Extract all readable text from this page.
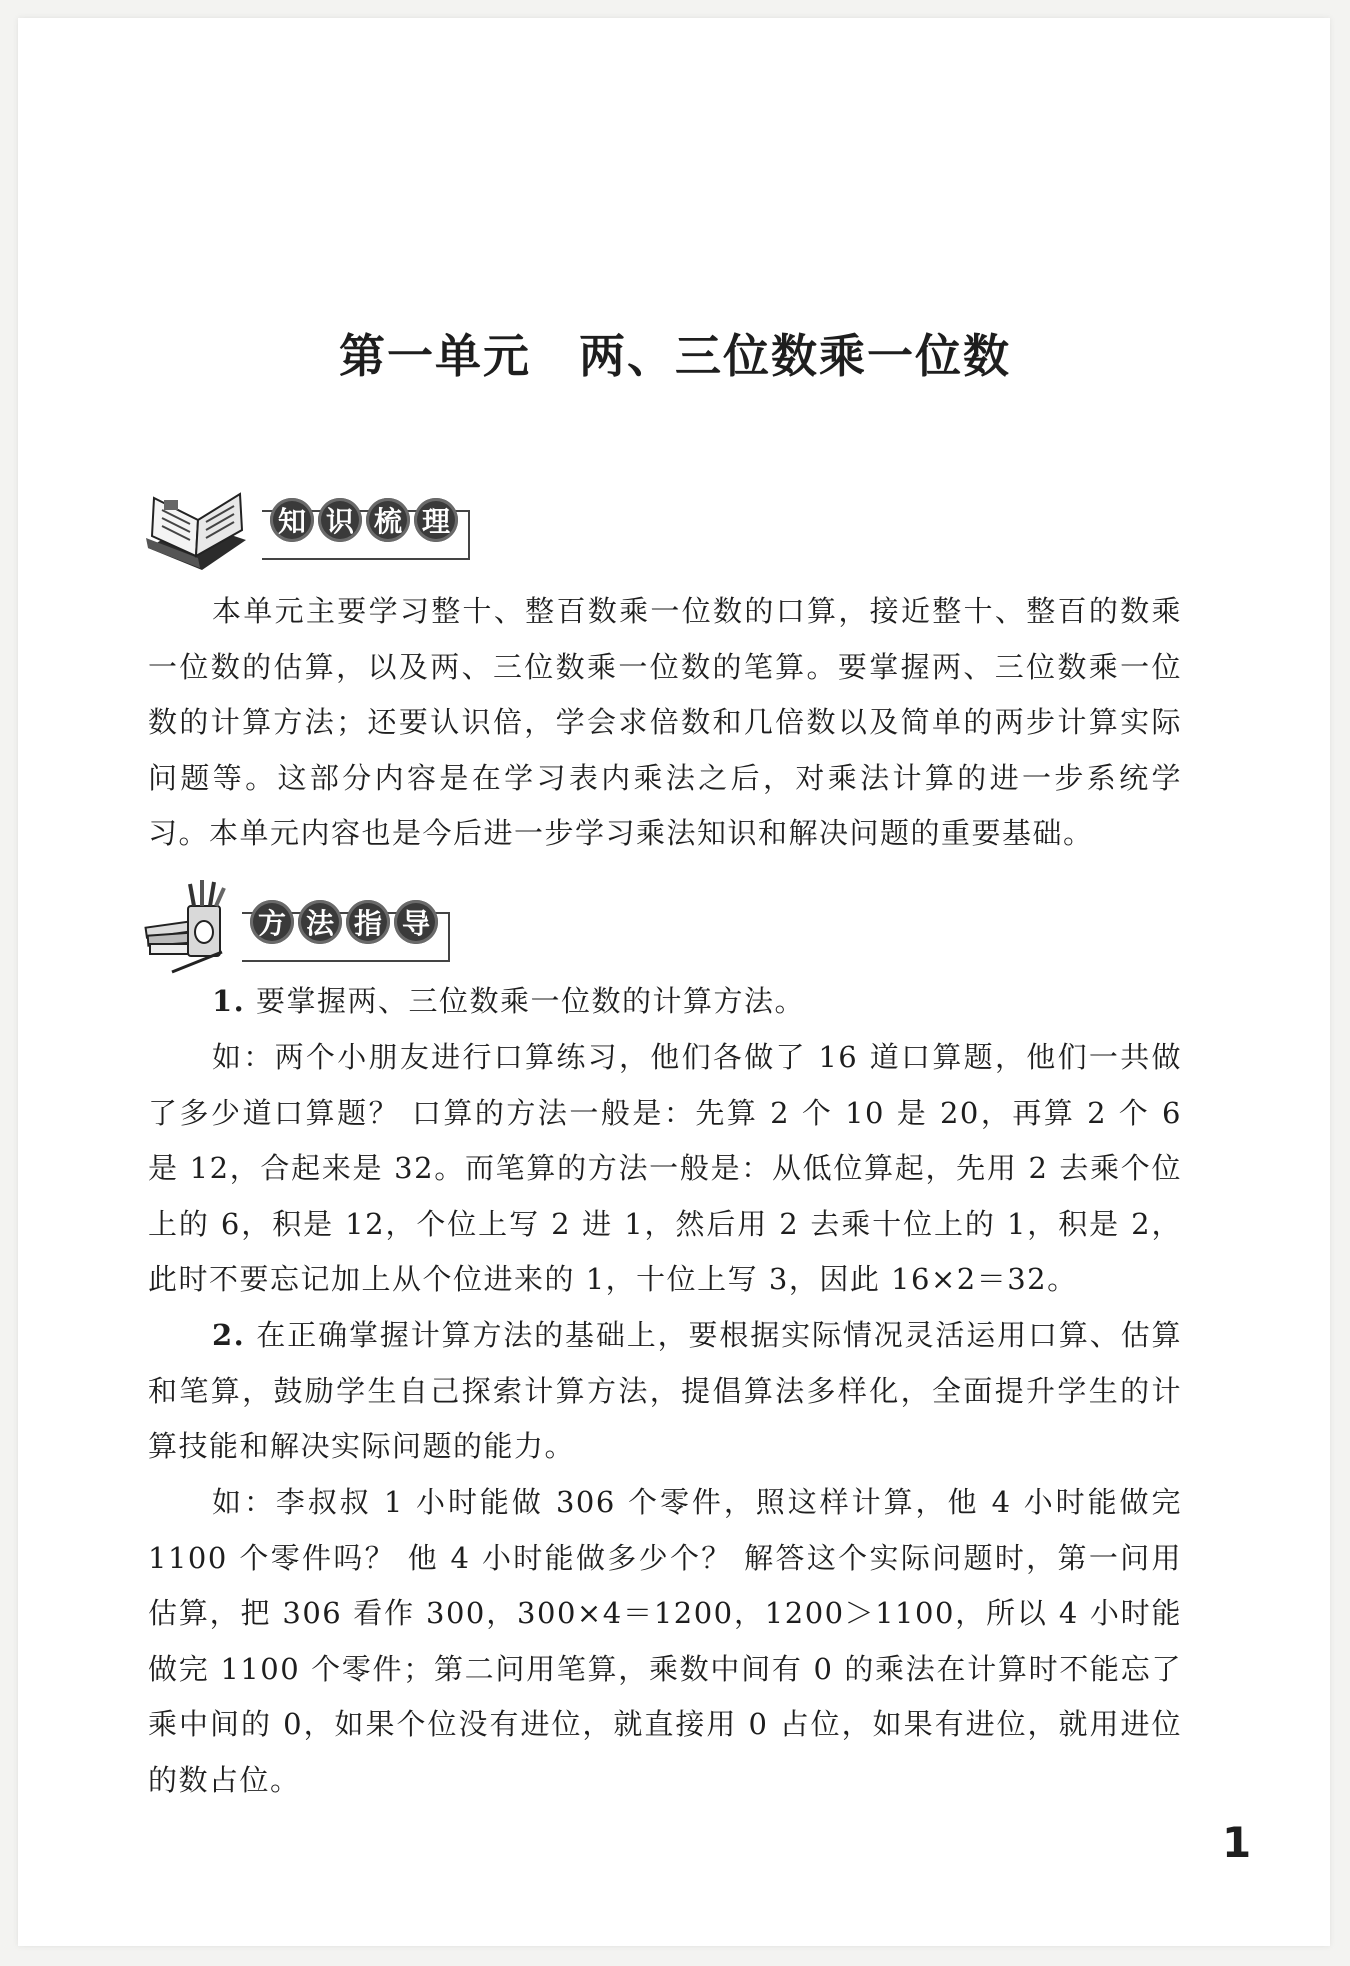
第一单元　两、三位数乘一位数
知 识 梳 理
本单元主要学习整十、整百数乘一位数的口算，接近整十、整百的数乘一位数的估算，以及两、三位数乘一位数的笔算。要掌握两、三位数乘一位数的计算方法；还要认识倍，学会求倍数和几倍数以及简单的两步计算实际问题等。这部分内容是在学习表内乘法之后，对乘法计算的进一步系统学习。本单元内容也是今后进一步学习乘法知识和解决问题的重要基础。
方 法 指 导
1. 要掌握两、三位数乘一位数的计算方法。
如：两个小朋友进行口算练习，他们各做了 16 道口算题，他们一共做了多少道口算题？ 口算的方法一般是：先算 2 个 10 是 20，再算 2 个 6 是 12，合起来是 32。而笔算的方法一般是：从低位算起，先用 2 去乘个位上的 6，积是 12，个位上写 2 进 1，然后用 2 去乘十位上的 1，积是 2，此时不要忘记加上从个位进来的 1，十位上写 3，因此 16×2＝32。
2. 在正确掌握计算方法的基础上，要根据实际情况灵活运用口算、估算和笔算，鼓励学生自己探索计算方法，提倡算法多样化，全面提升学生的计算技能和解决实际问题的能力。
如：李叔叔 1 小时能做 306 个零件，照这样计算，他 4 小时能做完 1100 个零件吗？ 他 4 小时能做多少个？ 解答这个实际问题时，第一问用估算，把 306 看作 300，300×4＝1200，1200＞1100，所以 4 小时能做完 1100 个零件；第二问用笔算，乘数中间有 0 的乘法在计算时不能忘了乘中间的 0，如果个位没有进位，就直接用 0 占位，如果有进位，就用进位的数占位。
1
